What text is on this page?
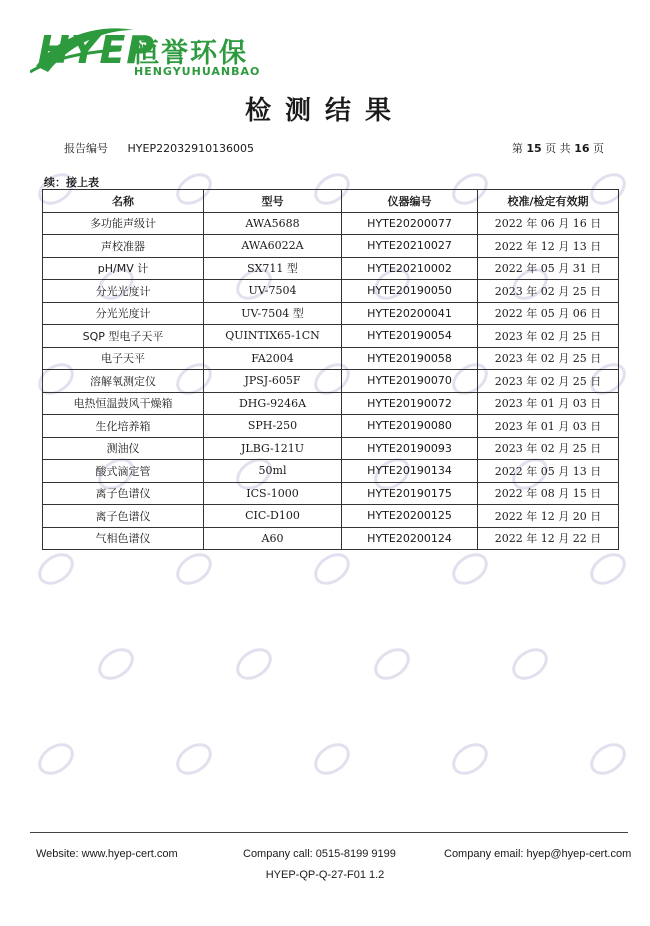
HYEP
恒誉环保
HENGYUHUANBAO
检测结果
报告编号 HYEP22032910136005	第 15 页 共 16 页
续：接上表
名称	型号	仪器编号	校准/检定有效期
多功能声级计	AWA5688	HYTE20200077	2022 年 06 月 16 日
声校准器	AWA6022A	HYTE20210027	2022 年 12 月 13 日
pH/MV 计	SX711 型	HYTE20210002	2022 年 05 月 31 日
分光光度计	UV-7504	HYTE20190050	2023 年 02 月 25 日
分光光度计	UV-7504 型	HYTE20200041	2022 年 05 月 06 日
SQP 型电子天平	QUINTIX65-1CN	HYTE20190054	2023 年 02 月 25 日
电子天平	FA2004	HYTE20190058	2023 年 02 月 25 日
溶解氧测定仪	JPSJ-605F	HYTE20190070	2023 年 02 月 25 日
电热恒温鼓风干燥箱	DHG-9246A	HYTE20190072	2023 年 01 月 03 日
生化培养箱	SPH-250	HYTE20190080	2023 年 01 月 03 日
测油仪	JLBG-121U	HYTE20190093	2023 年 02 月 25 日
酸式滴定管	50ml	HYTE20190134	2022 年 05 月 13 日
离子色谱仪	ICS-1000	HYTE20190175	2022 年 08 月 15 日
离子色谱仪	CIC-D100	HYTE20200125	2022 年 12 月 20 日
气相色谱仪	A60	HYTE20200124	2022 年 12 月 22 日
Website: www.hyep-cert.com	Company call: 0515-8199 9199	Company email: hyep@hyep-cert.com
HYEP-QP-Q-27-F01 1.2
